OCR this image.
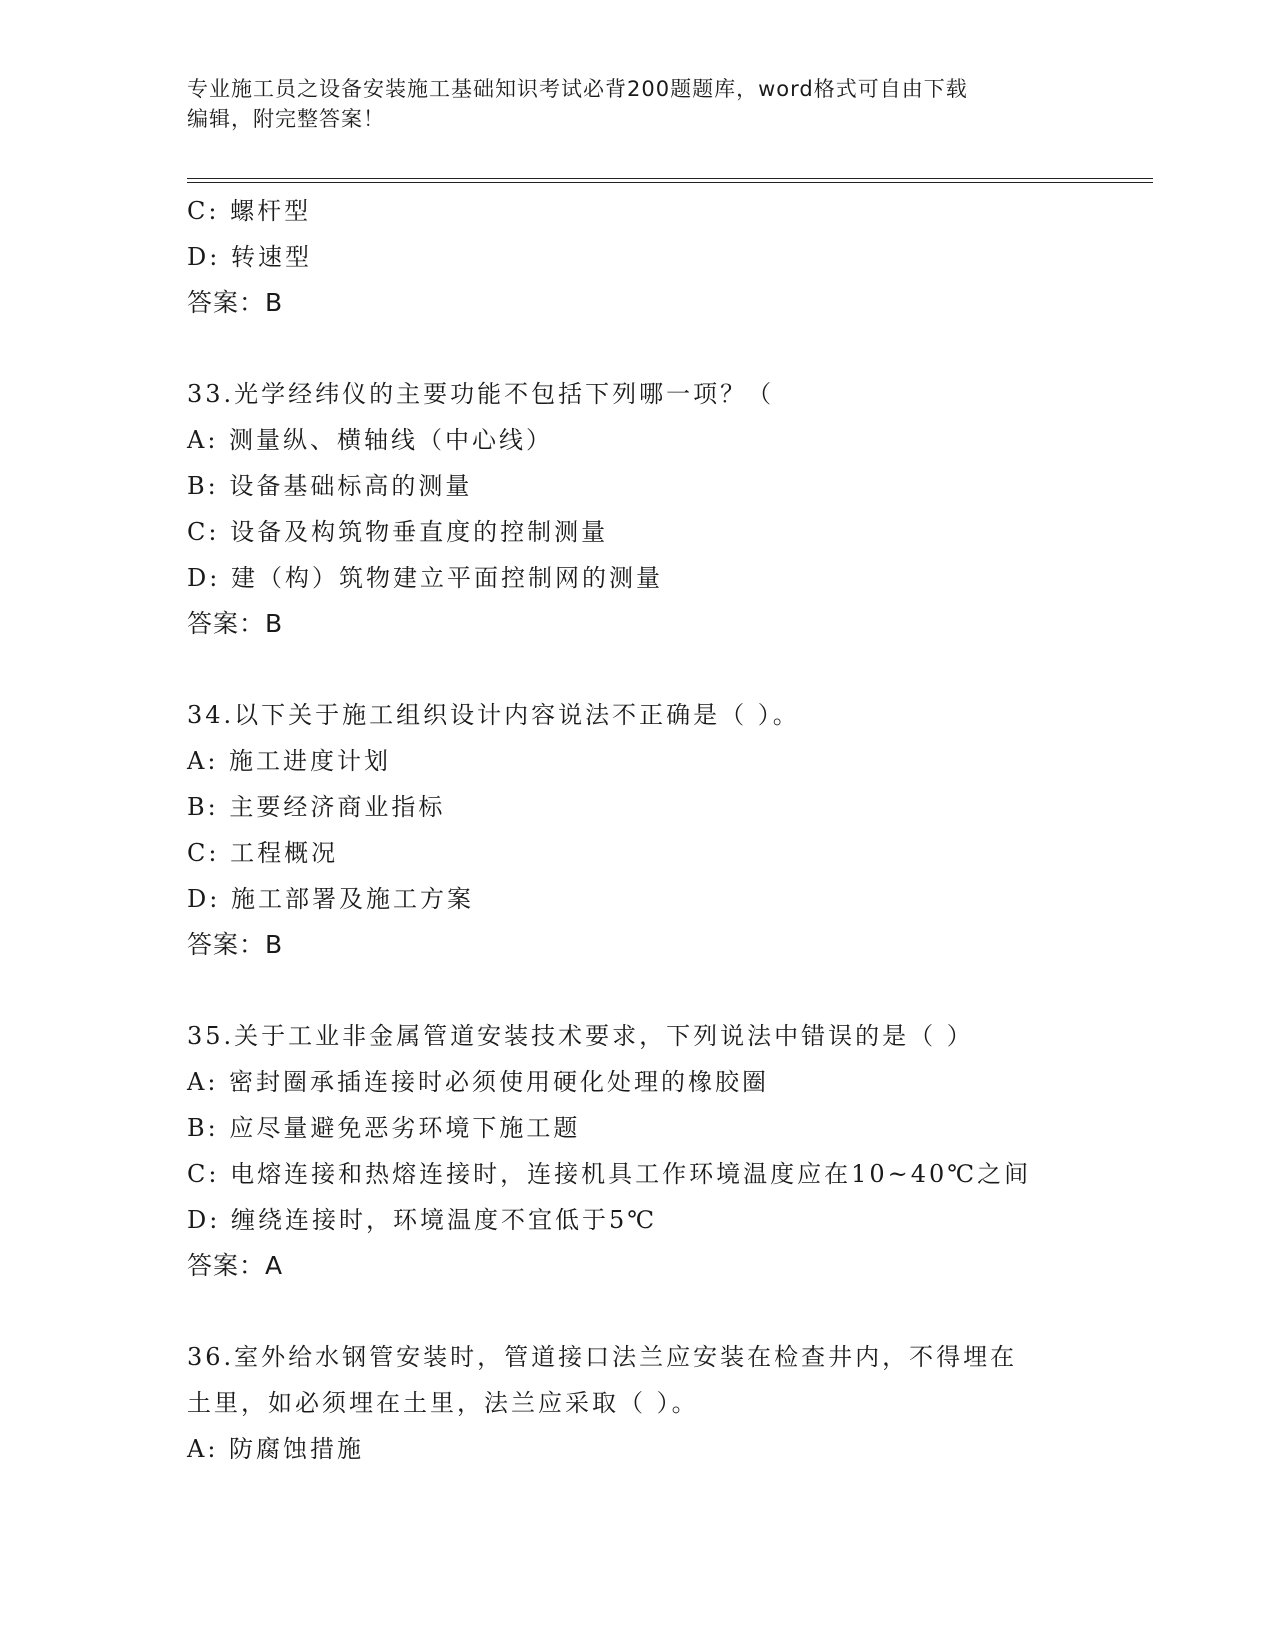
专业施工员之设备安装施工基础知识考试必背200题题库，word格式可自由下载
编辑，附完整答案！
C: 螺杆型
D: 转速型
答案：B
33.光学经纬仪的主要功能不包括下列哪一项？（
A: 测量纵、横轴线（中心线）
B: 设备基础标高的测量
C: 设备及构筑物垂直度的控制测量
D: 建（构）筑物建立平面控制网的测量
答案：B
34.以下关于施工组织设计内容说法不正确是（ ）。
A: 施工进度计划
B: 主要经济商业指标
C: 工程概况
D: 施工部署及施工方案
答案：B
35.关于工业非金属管道安装技术要求，下列说法中错误的是（ ）
A: 密封圈承插连接时必须使用硬化处理的橡胶圈
B: 应尽量避免恶劣环境下施工题
C: 电熔连接和热熔连接时，连接机具工作环境温度应在10~40℃之间
D: 缠绕连接时，环境温度不宜低于5℃
答案：A
36.室外给水钢管安装时，管道接口法兰应安装在检查井内，不得埋在
土里，如必须埋在土里，法兰应采取（ ）。
A: 防腐蚀措施
